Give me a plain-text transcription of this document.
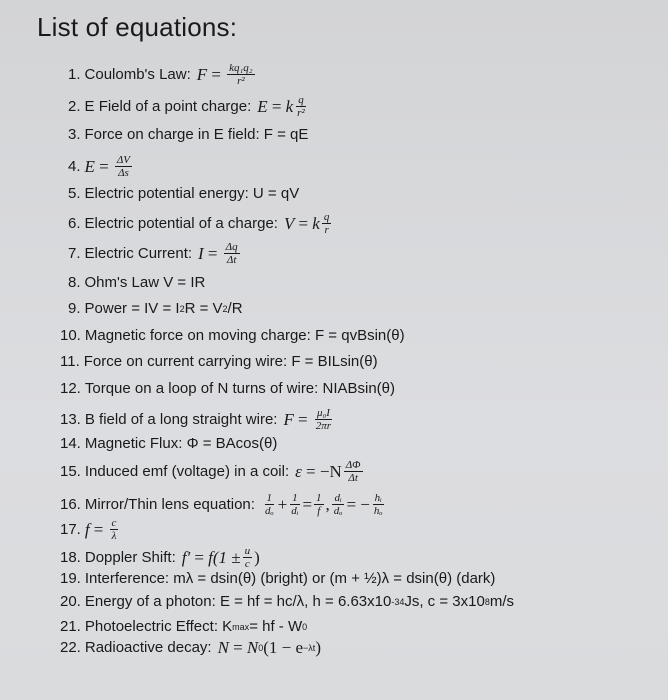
List of equations:
1. Coulomb's Law: F
=
$\frac{\text{kq₁q₂}}{\text{r²}}$
2. E Field of a point charge: E
=
k $\frac{q}{\text{r²}}$
3. Force on charge in E field: F = qE
4. E
=
$\frac{\Delta V}{\Delta s}$
5. Electric potential energy: U = qV
6. Electric potential of a charge: V
=
k $\frac{q}{r}$
7. Electric Current: I
=
$\frac{\Delta q}{\Delta t}$
8. Ohm's Law V = IR
9. Power = IV = I 2 R = V 2 /R
10. Magnetic force on moving charge: F = qvBsin(θ)
11. Force on current carrying wire: F = BILsin(θ)
12. Torque on a loop of N turns of wire: NIABsin(θ)
13. B field of a long straight wire: F
=
$\frac{\text{μ₀I}}{2\pi r}$
14. Magnetic Flux: Φ = BAcos(θ)
15. Induced emf (voltage) in a coil: ε
= $-N \frac{\Delta\Phi}{\Delta t}$
16. Mirror/Thin lens equation: $\frac{1}{\text{dₒ}} + \frac{1}{\text{dᵢ}} = \frac{1}{f}$ , $\frac{\text{dᵢ}}{\text{dₒ}}$ = − $\frac{\text{hᵢ}}{\text{hₒ}}$
17. f
=
$\frac{c}{\lambda}$
18. Doppler Shift: f′
=
$f(1 \pm \frac{u}{c}$ )
19. Interference: mλ = dsin(θ) (bright) or (m + ½)λ = dsin(θ) (dark)
20. Energy of a photon: E = hf = hc/λ, h = 6.63x10 -34 Js, c = 3x10 8 m/s
21. Photoelectric Effect: K max = hf - W 0
22. Radioactive decay: N
=
N 0 (1 − e −λt )
